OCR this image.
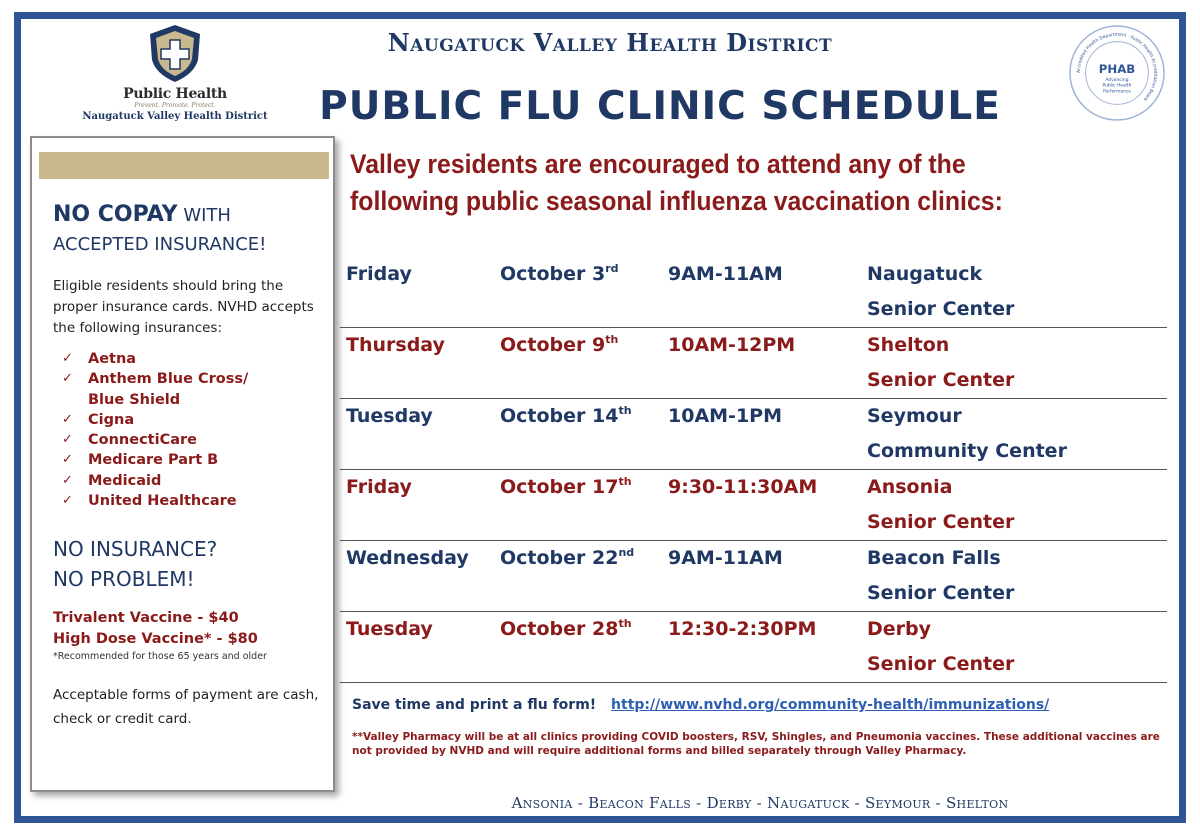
Public Health
Prevent. Promote. Protect.
Naugatuck Valley Health District
Naugatuck Valley Health District
PUBLIC FLU CLINIC SCHEDULE
Accredited Health Department · Public Health Accreditation Board
PHAB
Advancing
Public Health
Performance
NO COPAY WITH
ACCEPTED INSURANCE!
Eligible residents should bring the proper insurance cards. NVHD accepts the following insurances:
✓	Aetna
✓	Anthem Blue Cross/
Blue Shield
✓	Cigna
✓	ConnectiCare
✓	Medicare Part B
✓	Medicaid
✓	United Healthcare
NO INSURANCE?
NO PROBLEM!
Trivalent Vaccine - $40
High Dose Vaccine* - $80
*Recommended for those 65 years and older
Acceptable forms of payment are cash, check or credit card.
Valley residents are encouraged to attend any of the
following public seasonal influenza vaccination clinics:
Friday	October 3rd	9AM-11AM	Naugatuck
Senior Center
Thursday	October 9th	10AM-12PM	Shelton
Senior Center
Tuesday	October 14th 10AM-1PM	Seymour
Community Center
Friday	October 17th 9:30-11:30AM	Ansonia
Senior Center
Wednesday October 22nd 9AM-11AM	Beacon Falls
Senior Center
Tuesday	October 28th 12:30-2:30PM	Derby
Senior Center
Save time and print a flu form! http://www.nvhd.org/community-health/immunizations/
**Valley Pharmacy will be at all clinics providing COVID boosters, RSV, Shingles, and Pneumonia vaccines. These additional vaccines are not provided by NVHD and will require additional forms and billed separately through Valley Pharmacy.
Ansonia - Beacon Falls - Derby - Naugatuck - Seymour - Shelton
